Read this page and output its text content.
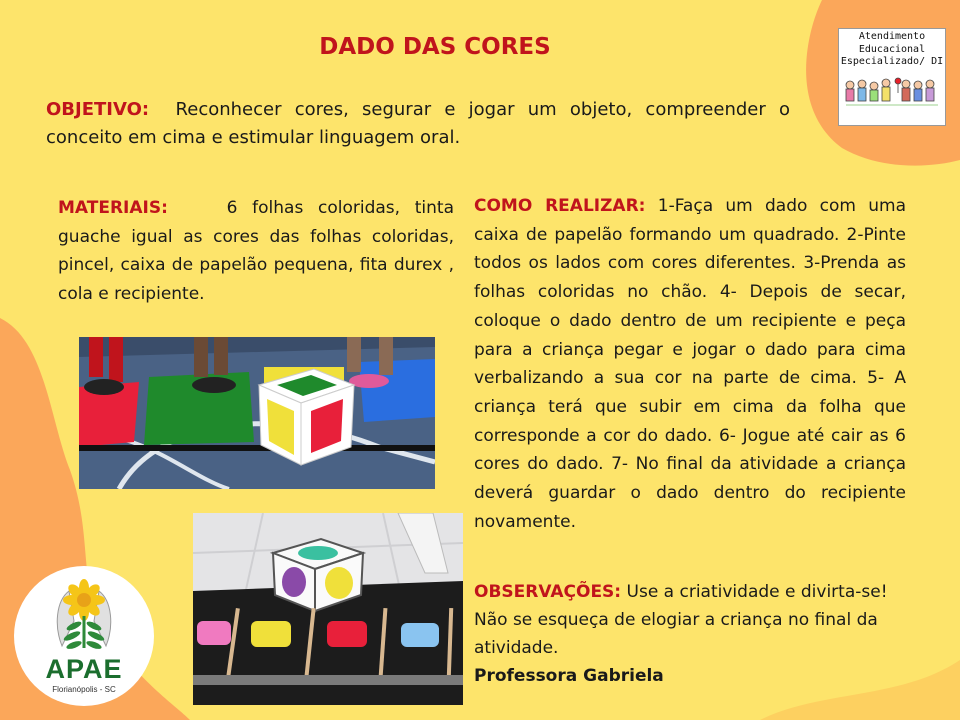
DADO DAS CORES
OBJETIVO: Reconhecer cores, segurar e jogar um objeto, compreender o conceito em cima e estimular linguagem oral.
MATERIAIS:	6 folhas coloridas, tinta guache igual as cores das folhas coloridas, pincel, caixa de papelão pequena, fita durex , cola e recipiente.
COMO REALIZAR: 1-Faça um dado com uma caixa de papelão formando um quadrado. 2-Pinte todos os lados com cores diferentes. 3-Prenda as folhas coloridas no chão. 4- Depois de secar, coloque o dado dentro de um recipiente e peça para a criança pegar e jogar o dado para cima verbalizando a sua cor na parte de cima. 5- A criança terá que subir em cima da folha que corresponde a cor do dado. 6- Jogue até cair as 6 cores do dado. 7- No final da atividade a criança deverá guardar o dado dentro do recipiente novamente.
OBSERVAÇÕES: Use a criatividade e divirta-se!
Não se esqueça de elogiar a criança no final da atividade.
Professora Gabriela
Atendimento
Educacional
Especializado/ DI
APAE
Florianópolis - SC
